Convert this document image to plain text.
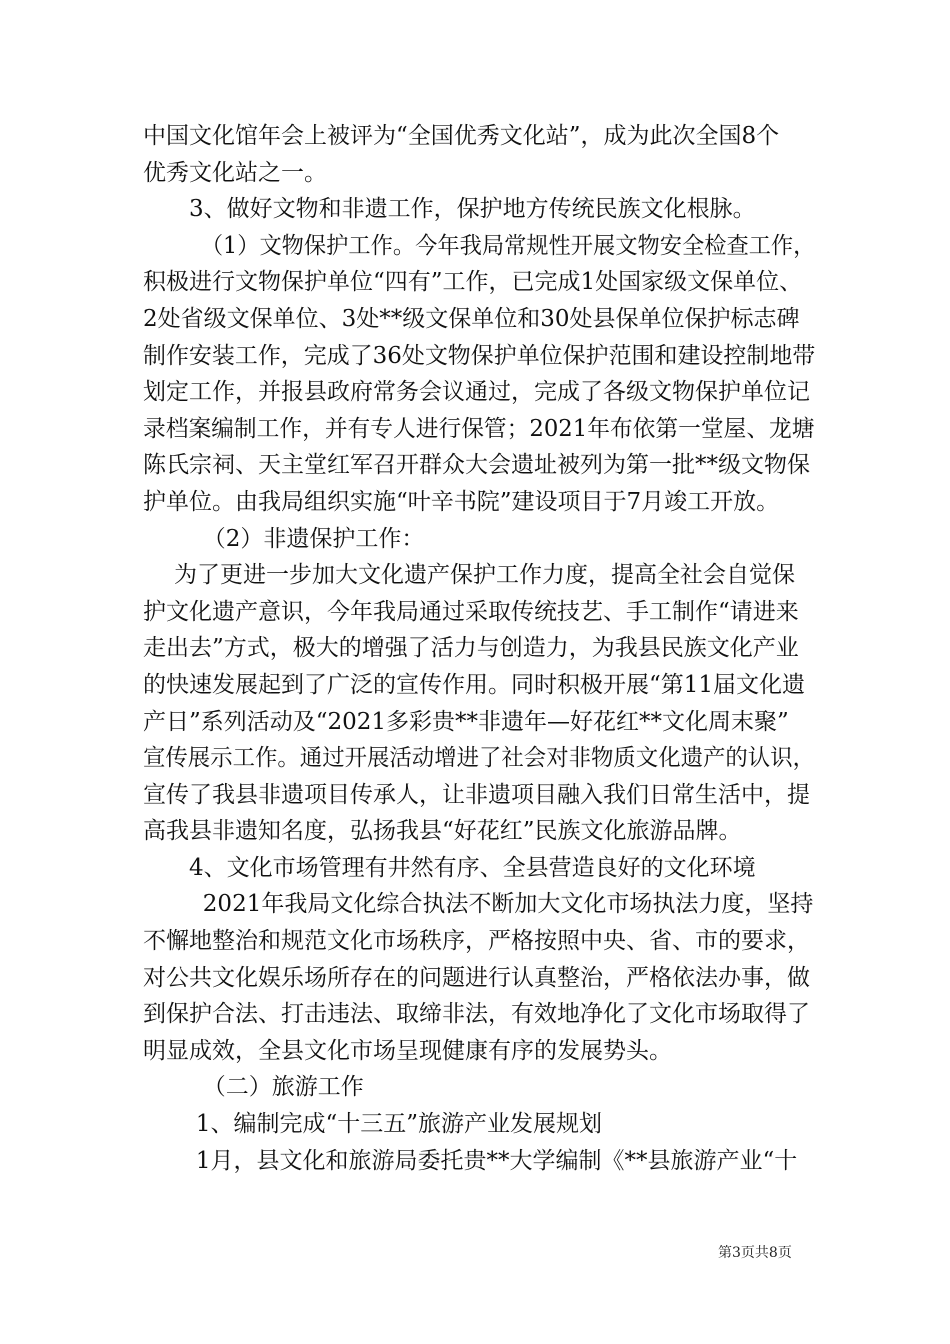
中国文化馆年会上被评为“全国优秀文化站”，成为此次全国8个
优秀文化站之一。
3、做好文物和非遗工作，保护地方传统民族文化根脉。
（1）文物保护工作。今年我局常规性开展文物安全检查工作，
积极进行文物保护单位“四有”工作，已完成1处国家级文保单位、
2处省级文保单位、3处**级文保单位和30处县保单位保护标志碑
制作安装工作，完成了36处文物保护单位保护范围和建设控制地带
划定工作，并报县政府常务会议通过，完成了各级文物保护单位记
录档案编制工作，并有专人进行保管；2021年布依第一堂屋、龙塘
陈氏宗祠、天主堂红军召开群众大会遗址被列为第一批**级文物保
护单位。由我局组织实施“叶辛书院”建设项目于7月竣工开放。
（2）非遗保护工作：
为了更进一步加大文化遗产保护工作力度，提高全社会自觉保
护文化遗产意识，今年我局通过采取传统技艺、手工制作“请进来
走出去”方式，极大的增强了活力与创造力，为我县民族文化产业
的快速发展起到了广泛的宣传作用。同时积极开展“第11届文化遗
产日”系列活动及“2021多彩贵**非遗年—好花红**文化周末聚”
宣传展示工作。通过开展活动增进了社会对非物质文化遗产的认识，
宣传了我县非遗项目传承人，让非遗项目融入我们日常生活中，提
高我县非遗知名度，弘扬我县“好花红”民族文化旅游品牌。
4、文化市场管理有井然有序、全县营造良好的文化环境
2021年我局文化综合执法不断加大文化市场执法力度，坚持
不懈地整治和规范文化市场秩序，严格按照中央、省、市的要求，
对公共文化娱乐场所存在的问题进行认真整治，严格依法办事，做
到保护合法、打击违法、取缔非法，有效地净化了文化市场取得了
明显成效，全县文化市场呈现健康有序的发展势头。
（二）旅游工作
1、编制完成“十三五”旅游产业发展规划
1月，县文化和旅游局委托贵**大学编制《**县旅游产业“十
第3页共8页
